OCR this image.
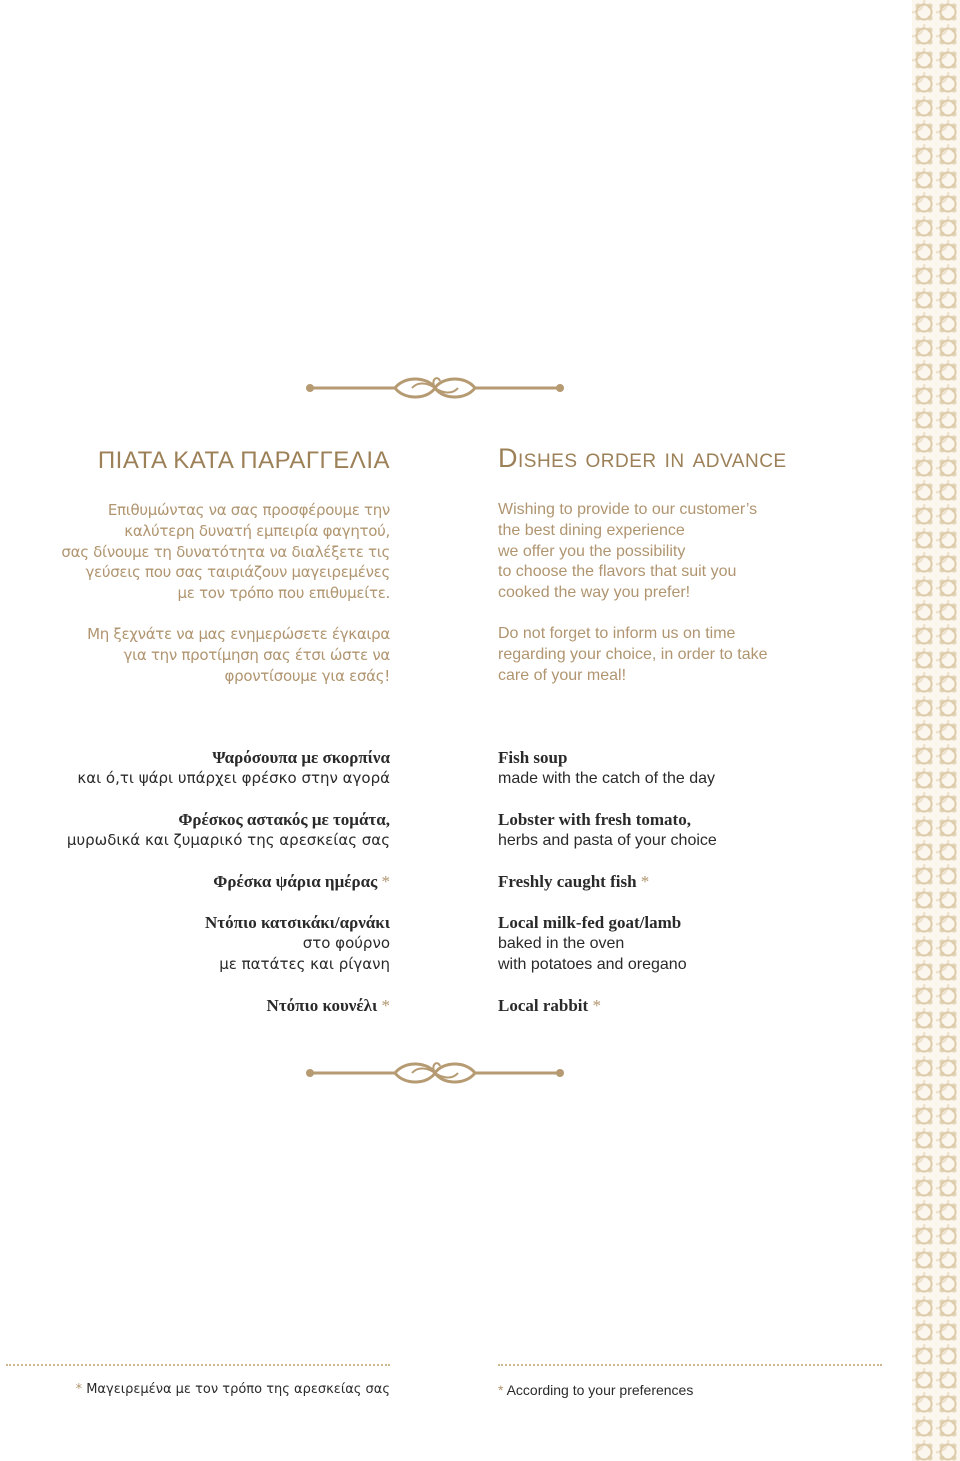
ΠΙΑΤΑ ΚΑΤΑ ΠΑΡΑΓΓΕΛΙΑ	Dishes order in advance
Επιθυμώντας να σας προσφέρουμε την
καλύτερη δυνατή εμπειρία φαγητού,
σας δίνουμε τη δυνατότητα να διαλέξετε τις
γεύσεις που σας ταιριάζουν μαγειρεμένες
με τον τρόπο που επιθυμείτε.
Μη ξεχνάτε να μας ενημερώσετε έγκαιρα
για την προτίμηση σας έτσι ώστε να
φροντίσουμε για εσάς!
Wishing to provide to our customer’s
the best dining experience
we offer you the possibility
to choose the flavors that suit you
cooked the way you prefer!
Do not forget to inform us on time
regarding your choice, in order to take
care of your meal!
Ψαρόσουπα με σκορπίνα
και ό,τι ψάρι υπάρχει φρέσκο στην αγορά
Φρέσκος αστακός με τομάτα,
μυρωδικά και ζυμαρικό της αρεσκείας σας
Φρέσκα ψάρια ημέρας *
Ντόπιο κατσικάκι/αρνάκι
στο φούρνο
με πατάτες και ρίγανη
Ντόπιο κουνέλι *
Fish soup
made with the catch of the day
Lobster with fresh tomato,
herbs and pasta of your choice
Freshly caught fish *
Local milk-fed goat/lamb
baked in the oven
with potatoes and oregano
Local rabbit *
* Μαγειρεμένα με τον τρόπο της αρεσκείας σας	* According to your preferences
